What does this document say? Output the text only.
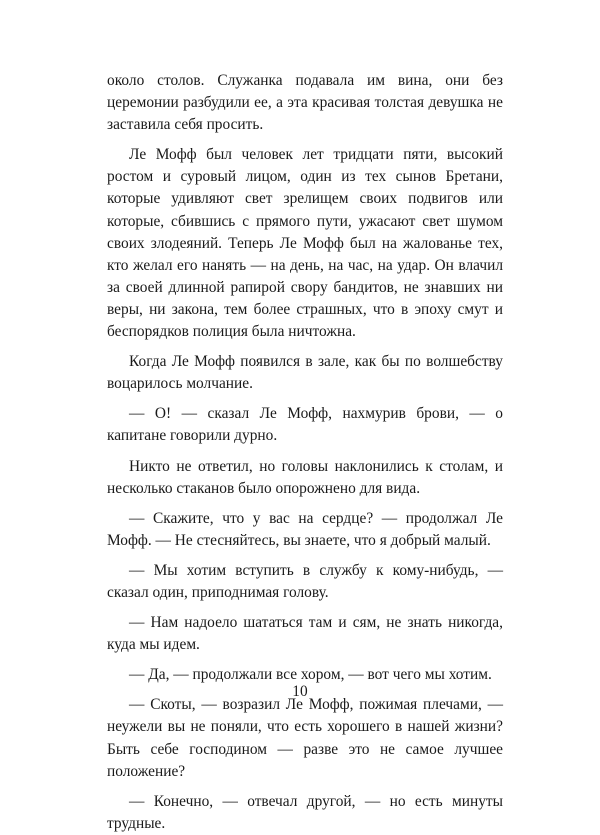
около столов. Служанка подавала им вина, они без церемонии разбудили ее, а эта красивая толстая девушка не заставила себя просить.

Ле Мофф был человек лет тридцати пяти, высокий ростом и суровый лицом, один из тех сынов Бретани, которые удивляют свет зрелищем своих подвигов или которые, сбившись с прямого пути, ужасают свет шумом своих злодеяний. Теперь Ле Мофф был на жалованье тех, кто желал его нанять — на день, на час, на удар. Он влачил за своей длинной рапирой свору бандитов, не знавших ни веры, ни закона, тем более страшных, что в эпоху смут и беспорядков полиция была ничтожна.

Когда Ле Мофф появился в зале, как бы по волшебству воцарилось молчание.

— О! — сказал Ле Мофф, нахмурив брови, — о капитане говорили дурно.

Никто не ответил, но головы наклонились к столам, и несколько стаканов было опорожнено для вида.

— Скажите, что у вас на сердце? — продолжал Ле Мофф. — Не стесняйтесь, вы знаете, что я добрый малый.

— Мы хотим вступить в службу к кому-нибудь, — сказал один, приподнимая голову.

— Нам надоело шататься там и сям, не знать никогда, куда мы идем.

— Да, — продолжали все хором, — вот чего мы хотим.

— Скоты, — возразил Ле Мофф, пожимая плечами, — неужели вы не поняли, что есть хорошего в нашей жизни? Быть себе господином — разве это не самое лучшее положение?

— Конечно, — отвечал другой, — но есть минуты трудные.

10
